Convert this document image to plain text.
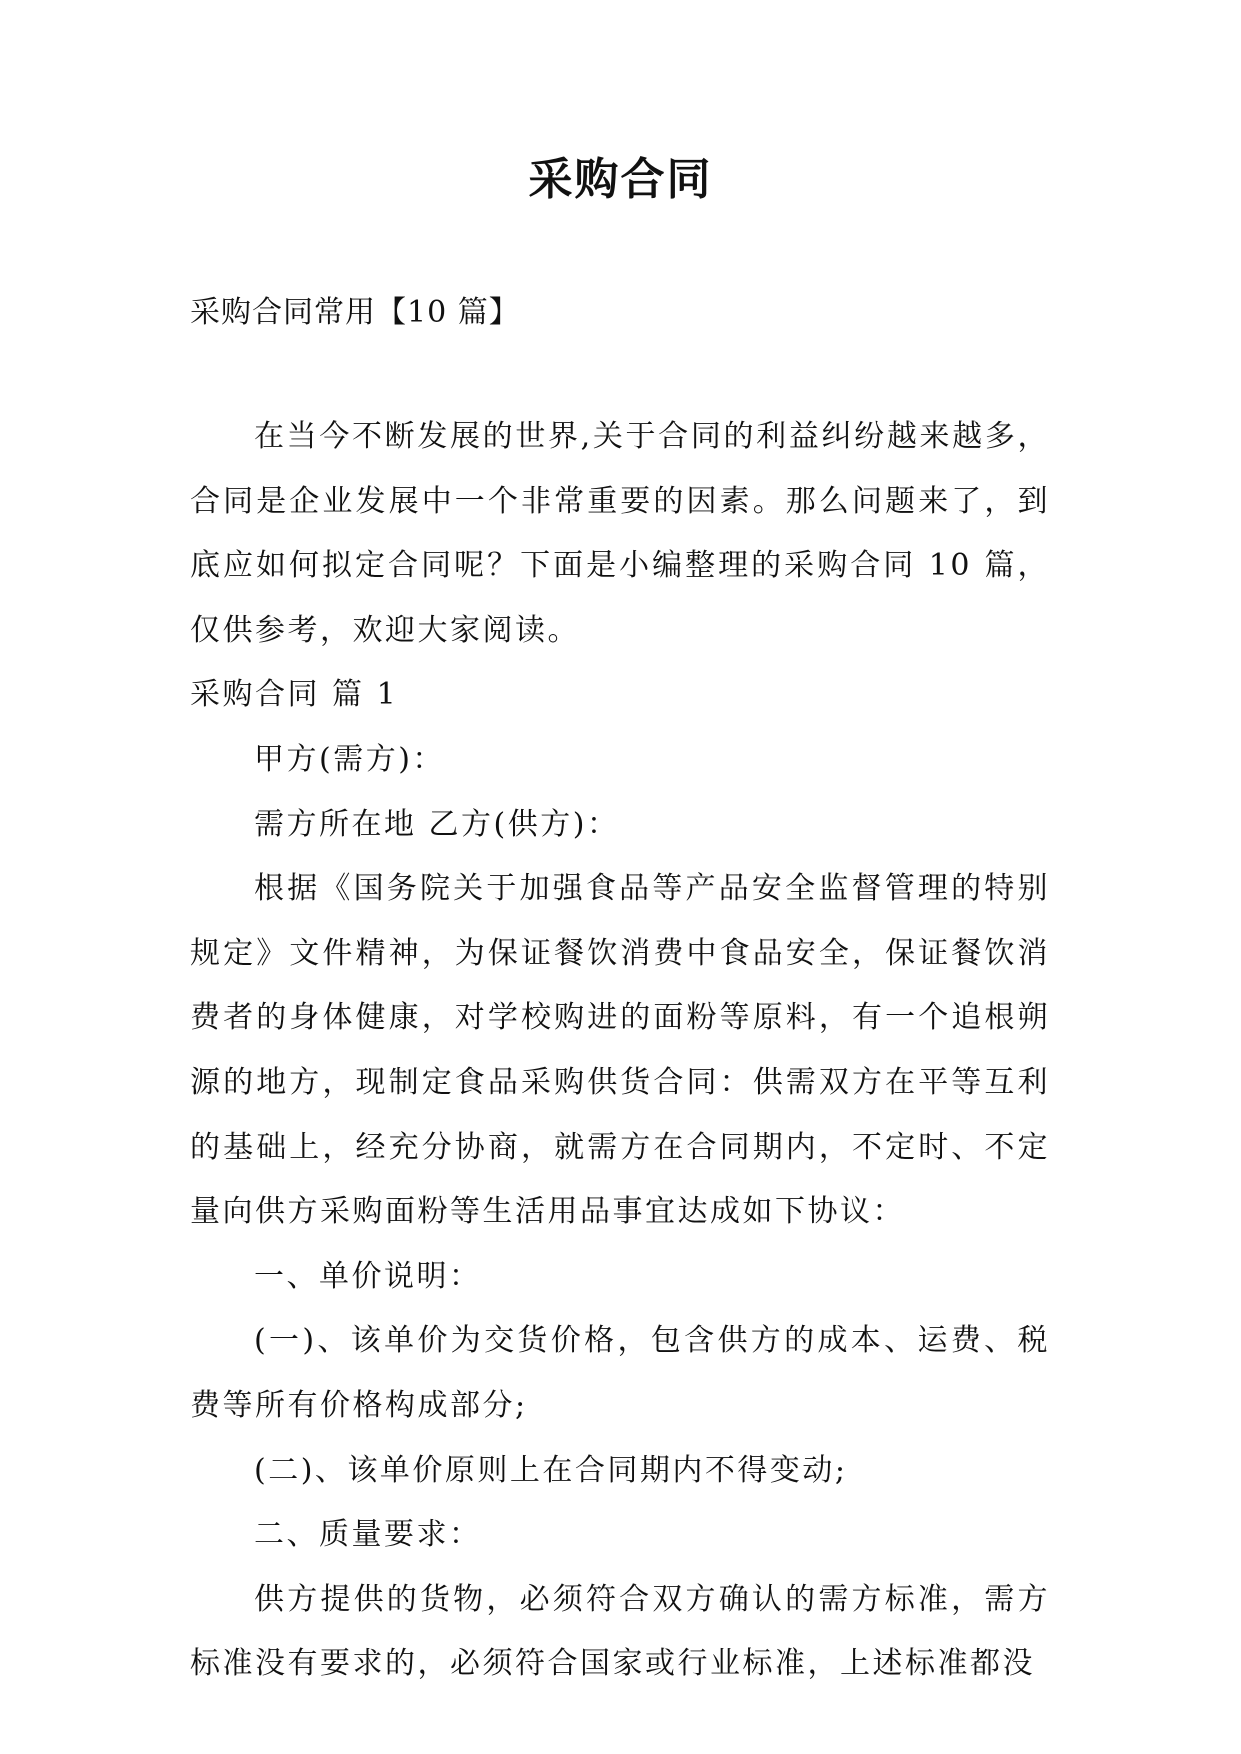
采购合同
采购合同常用【10 篇】

在当今不断发展的世界,关于合同的利益纠纷越来越多，合同是企业发展中一个非常重要的因素。那么问题来了，到底应如何拟定合同呢？下面是小编整理的采购合同 10 篇，仅供参考，欢迎大家阅读。

采购合同 篇 1

甲方(需方)：

需方所在地 乙方(供方)：

根据《国务院关于加强食品等产品安全监督管理的特别规定》文件精神，为保证餐饮消费中食品安全，保证餐饮消费者的身体健康，对学校购进的面粉等原料，有一个追根朔源的地方，现制定食品采购供货合同：供需双方在平等互利的基础上，经充分协商，就需方在合同期内，不定时、不定量向供方采购面粉等生活用品事宜达成如下协议：

一、单价说明：

(一)、该单价为交货价格，包含供方的成本、运费、税费等所有价格构成部分;

(二)、该单价原则上在合同期内不得变动;

二、质量要求：

供方提供的货物，必须符合双方确认的需方标准，需方标准没有要求的，必须符合国家或行业标准，上述标准都没
